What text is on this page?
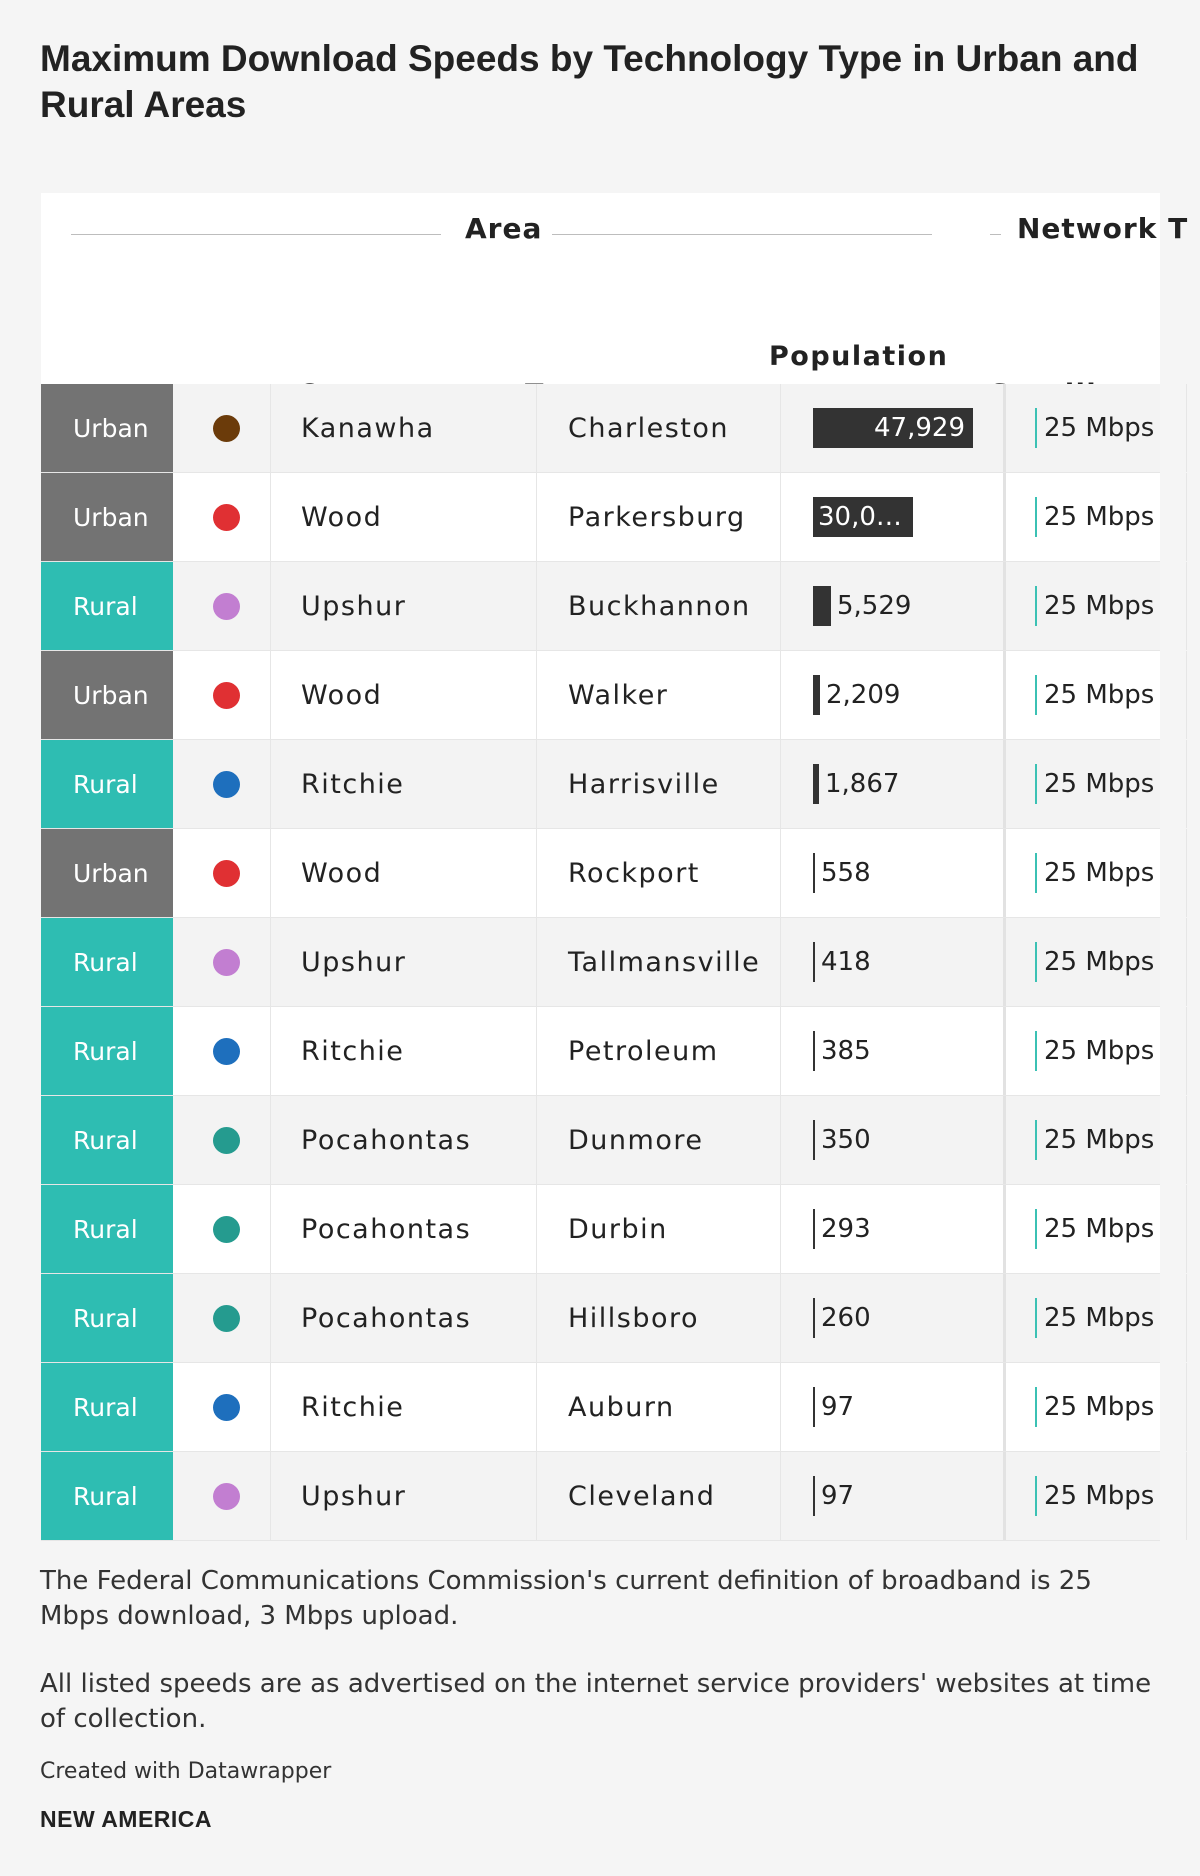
Maximum Download Speeds by Technology Type in Urban and Rural Areas
Area	Network T
Population
Urban	Kanawha	Charleston	47,929	25 Mbps
Urban	Wood	Parkersburg	30,0…	25 Mbps
Rural	Upshur	Buckhannon	5,529	25 Mbps
Urban	Wood	Walker	2,209	25 Mbps
Rural	Ritchie	Harrisville	1,867	25 Mbps
Urban	Wood	Rockport	558	25 Mbps
Rural	Upshur	Tallmansville	418	25 Mbps
Rural	Ritchie	Petroleum	385	25 Mbps
Rural	Pocahontas	Dunmore	350	25 Mbps
Rural	Pocahontas	Durbin	293	25 Mbps
Rural	Pocahontas	Hillsboro	260	25 Mbps
Rural	Ritchie	Auburn	97	25 Mbps
Rural	Upshur	Cleveland	97	25 Mbps

The Federal Communications Commission's current definition of broadband is 25 Mbps download, 3 Mbps upload.

All listed speeds are as advertised on the internet service providers' websites at time of collection.

Created with Datawrapper
NEW AMERICA
